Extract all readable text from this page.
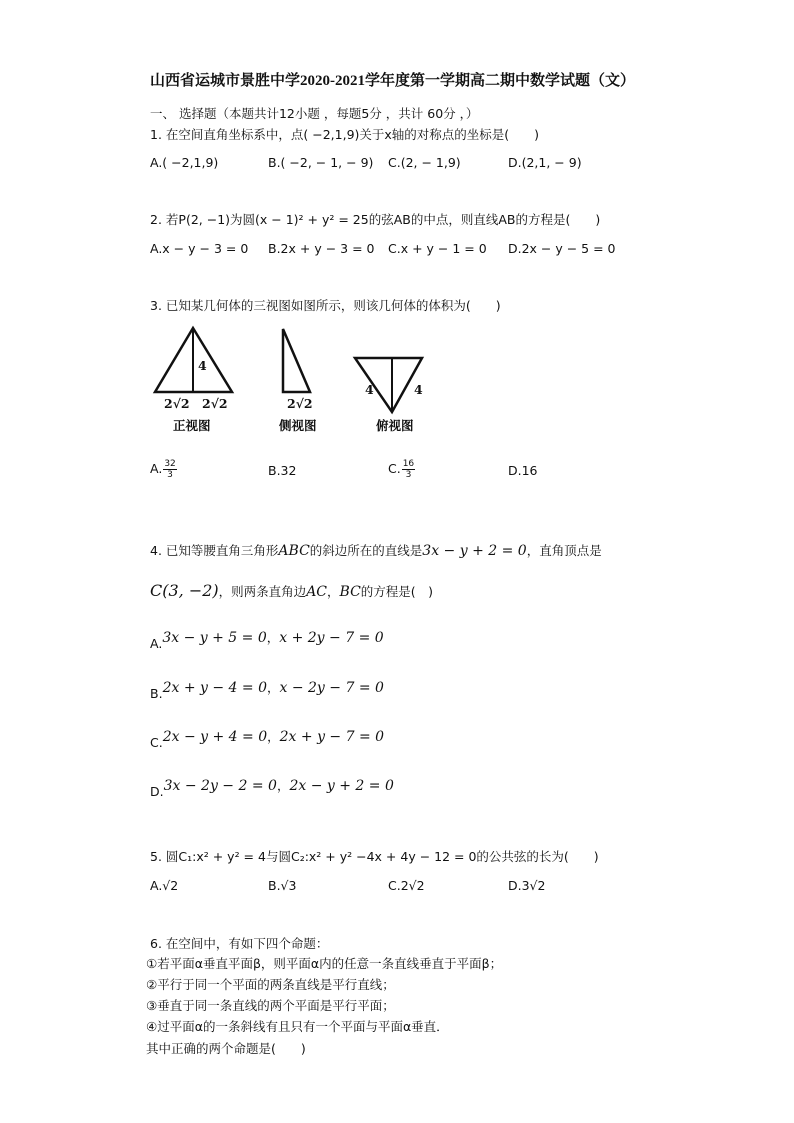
山西省运城市景胜中学2020-2021学年度第一学期高二期中数学试题（文）
一、 选择题（本题共计12小题 ，每题5分 ，共计 60分 ，）
1. 在空间直角坐标系中，点( −2,1,9)关于x轴的对称点的坐标是(　　)
A.( −2,1,9)	B.( −2, − 1, − 9) C.(2, − 1,9)	D.(2,1, − 9)
2. 若P(2, −1)为圆(x − 1)² + y² = 25的弦AB的中点，则直线AB的方程是(　　)
A.x − y − 3 = 0 B.2x + y − 3 = 0 C.x + y − 1 = 0 D.2x − y − 5 = 0
3. 已知某几何体的三视图如图所示，则该几何体的体积为(　　)
4
2√2 2√2	2√2
4	4
正视图	侧视图	俯视图
A. $\frac{32}{3}$	B.32	C. $\frac{16}{3}$	D.16
4. 已知等腰直角三角形ABC的斜边所在的直线是3x − y + 2 = 0，直角顶点是
C(3, −2)，则两条直角边AC，BC的方程是(　)
A.3x − y + 5 = 0，x + 2y − 7 = 0
B.2x + y − 4 = 0，x − 2y − 7 = 0
C.2x − y + 4 = 0，2x + y − 7 = 0
D.3x − 2y − 2 = 0，2x − y + 2 = 0
5. 圆C₁:x² + y² = 4与圆C₂:x² + y² −4x + 4y − 12 = 0的公共弦的长为(　　)
A.√2	B.√3	C.2√2	D.3√2
6. 在空间中，有如下四个命题：
①若平面α垂直平面β，则平面α内的任意一条直线垂直于平面β；
②平行于同一个平面的两条直线是平行直线；
③垂直于同一条直线的两个平面是平行平面；
④过平面α的一条斜线有且只有一个平面与平面α垂直．
其中正确的两个命题是(　　)
